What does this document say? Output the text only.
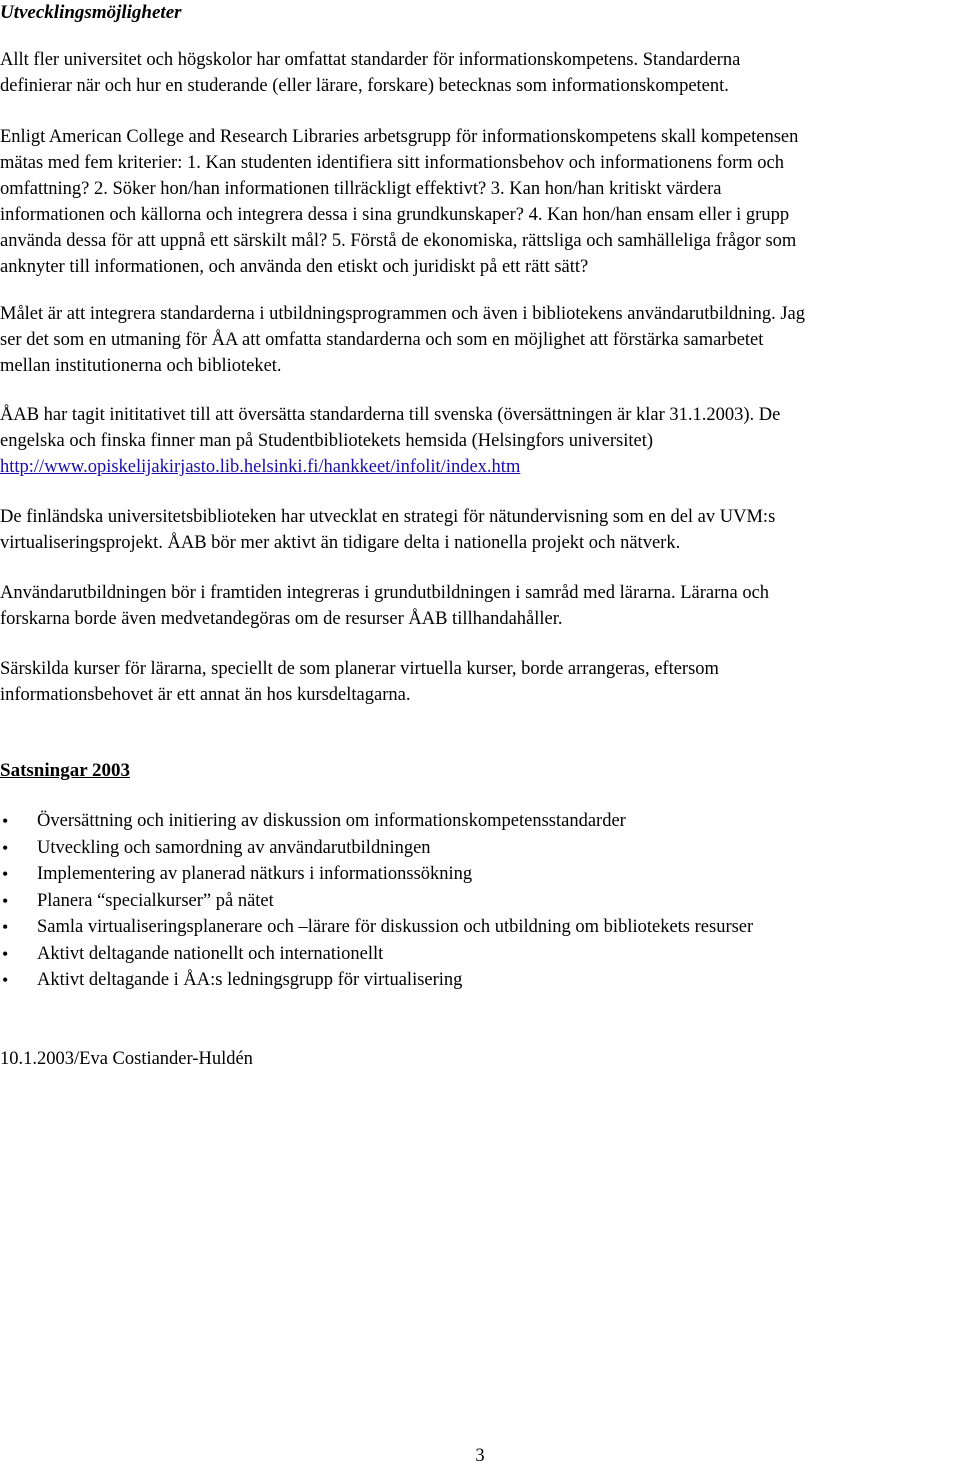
Utvecklingsmöjligheter

Allt fler universitet och högskolor har omfattat standarder för informationskompetens. Standarderna
definierar när och hur en studerande (eller lärare, forskare) betecknas som informationskompetent.

Enligt American College and Research Libraries arbetsgrupp för informationskompetens skall kompetensen
mätas med fem kriterier: 1. Kan studenten identifiera sitt informationsbehov och informationens form och
omfattning? 2. Söker hon/han informationen tillräckligt effektivt? 3. Kan hon/han kritiskt värdera
informationen och källorna och integrera dessa i sina grundkunskaper? 4. Kan hon/han ensam eller i grupp
använda dessa för att uppnå ett särskilt mål? 5. Förstå de ekonomiska, rättsliga och samhälleliga frågor som
anknyter till informationen, och använda den etiskt och juridiskt på ett rätt sätt?

Målet är att integrera standarderna i utbildningsprogrammen och även i bibliotekens användarutbildning. Jag
ser det som en utmaning för ÅA att omfatta standarderna och som en möjlighet att förstärka samarbetet
mellan institutionerna och biblioteket.

ÅAB har tagit inititativet till att översätta standarderna till svenska (översättningen är klar 31.1.2003). De
engelska och finska finner man på Studentbibliotekets hemsida (Helsingfors universitet)
http://www.opiskelijakirjasto.lib.helsinki.fi/hankkeet/infolit/index.htm

De finländska universitetsbiblioteken har utvecklat en strategi för nätundervisning som en del av UVM:s
virtualiseringsprojekt. ÅAB bör mer aktivt än tidigare delta i nationella projekt och nätverk.

Användarutbildningen bör i framtiden integreras i grundutbildningen i samråd med lärarna. Lärarna och
forskarna borde även medvetandegöras om de resurser ÅAB tillhandahåller.

Särskilda kurser för lärarna, speciellt de som planerar virtuella kurser, borde arrangeras, eftersom
informationsbehovet är ett annat än hos kursdeltagarna.

Satsningar 2003
• Översättning och initiering av diskussion om informationskompetensstandarder
• Utveckling och samordning av användarutbildningen
• Implementering av planerad nätkurs i informationssökning
• Planera “specialkurser” på nätet
• Samla virtualiseringsplanerare och –lärare för diskussion och utbildning om bibliotekets resurser
• Aktivt deltagande nationellt och internationellt
• Aktivt deltagande i ÅA:s ledningsgrupp för virtualisering

10.1.2003/Eva Costiander-Huldén

3
